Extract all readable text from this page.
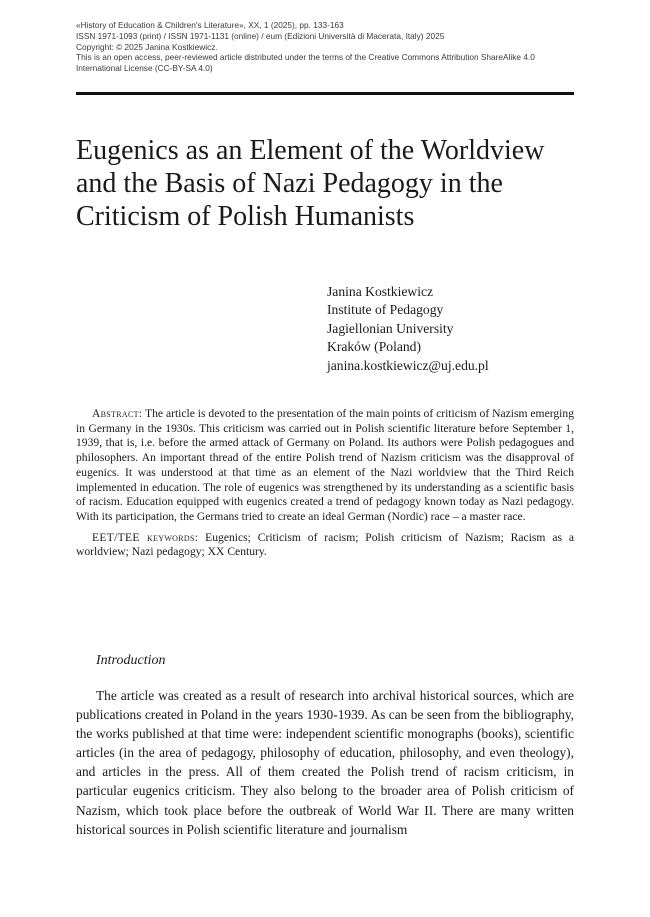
«History of Education & Children's Literature», XX, 1 (2025), pp. 133-163
ISSN 1971-1093 (print) / ISSN 1971-1131 (online) / eum (Edizioni Università di Macerata, Italy) 2025
Copyright: © 2025 Janina Kostkiewicz.
This is an open access, peer-reviewed article distributed under the terms of the Creative Commons Attribution ShareAlike 4.0
International License (CC-BY-SA 4.0)
Eugenics as an Element of the Worldview and the Basis of Nazi Pedagogy in the Criticism of Polish Humanists
Janina Kostkiewicz
Institute of Pedagogy
Jagiellonian University
Kraków (Poland)
janina.kostkiewicz@uj.edu.pl

Abstract: The article is devoted to the presentation of the main points of criticism of Nazism emerging in Germany in the 1930s. This criticism was carried out in Polish scientific literature before September 1, 1939, that is, i.e. before the armed attack of Germany on Poland. Its authors were Polish pedagogues and philosophers. An important thread of the entire Polish trend of Nazism criticism was the disapproval of eugenics. It was understood at that time as an element of the Nazi worldview that the Third Reich implemented in education. The role of eugenics was strengthened by its understanding as a scientific basis of racism. Education equipped with eugenics created a trend of pedagogy known today as Nazi pedagogy. With its participation, the Germans tried to create an ideal German (Nordic) race – a master race.

EET/TEE keywords: Eugenics; Criticism of racism; Polish criticism of Nazism; Racism as a worldview; Nazi pedagogy; XX Century.

Introduction

The article was created as a result of research into archival historical sources, which are publications created in Poland in the years 1930-1939. As can be seen from the bibliography, the works published at that time were: independent scientific monographs (books), scientific articles (in the area of pedagogy, philosophy of education, philosophy, and even theology), and articles in the press. All of them created the Polish trend of racism criticism, in particular eugenics criticism. They also belong to the broader area of Polish criticism of Nazism, which took place before the outbreak of World War II. There are many written historical sources in Polish scientific literature and journalism
